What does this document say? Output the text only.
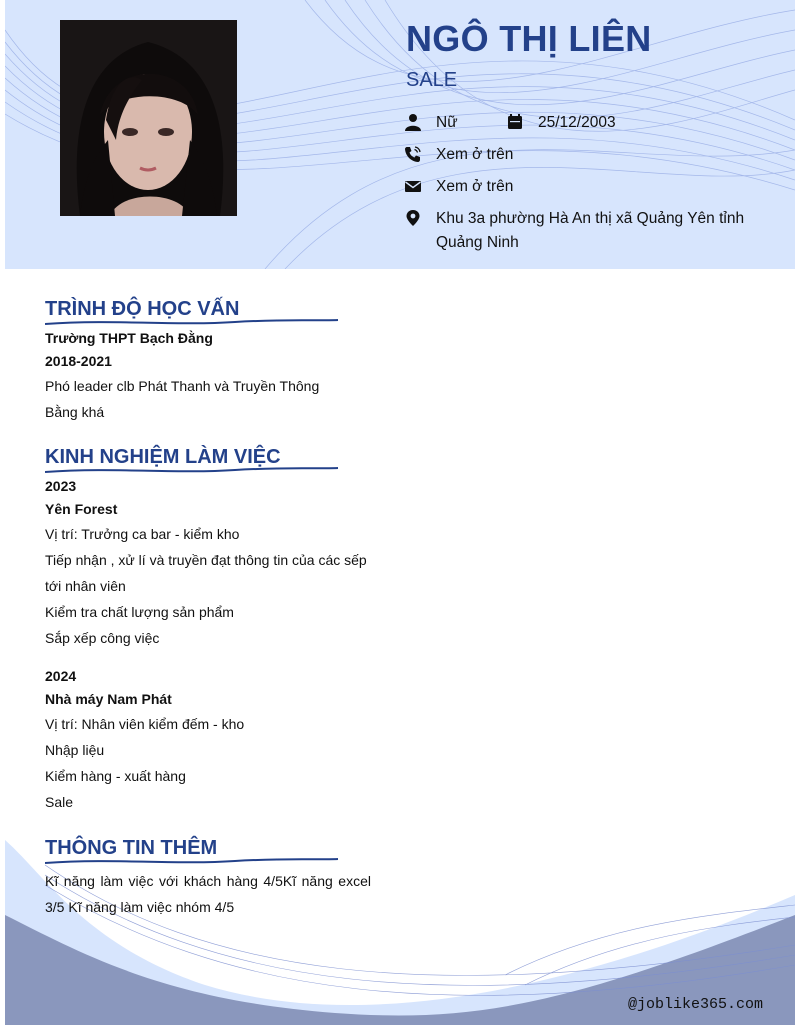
NGÔ THỊ LIÊN
SALE
Nữ	25/12/2003
Xem ở trên
Xem ở trên
Khu 3a phường Hà An thị xã Quảng Yên tỉnh
Quảng Ninh
@joblike365.com
TRÌNH ĐỘ HỌC VẤN
Trường THPT Bạch Đằng
2018-2021
Phó leader clb Phát Thanh và Truyền Thông
Bằng khá
KINH NGHIỆM LÀM VIỆC
2023
Yên Forest
Vị trí: Trưởng ca bar - kiểm kho
Tiếp nhận , xử lí và truyền đạt thông tin của các sếp
tới nhân viên
Kiểm tra chất lượng sản phẩm
Sắp xếp công việc
2024
Nhà máy Nam Phát
Vị trí: Nhân viên kiểm đếm - kho
Nhập liệu
Kiểm hàng - xuất hàng
Sale
THÔNG TIN THÊM
Kĩ năng làm việc với khách hàng 4/5Kĩ năng excel
3/5 Kĩ năng làm việc nhóm 4/5
